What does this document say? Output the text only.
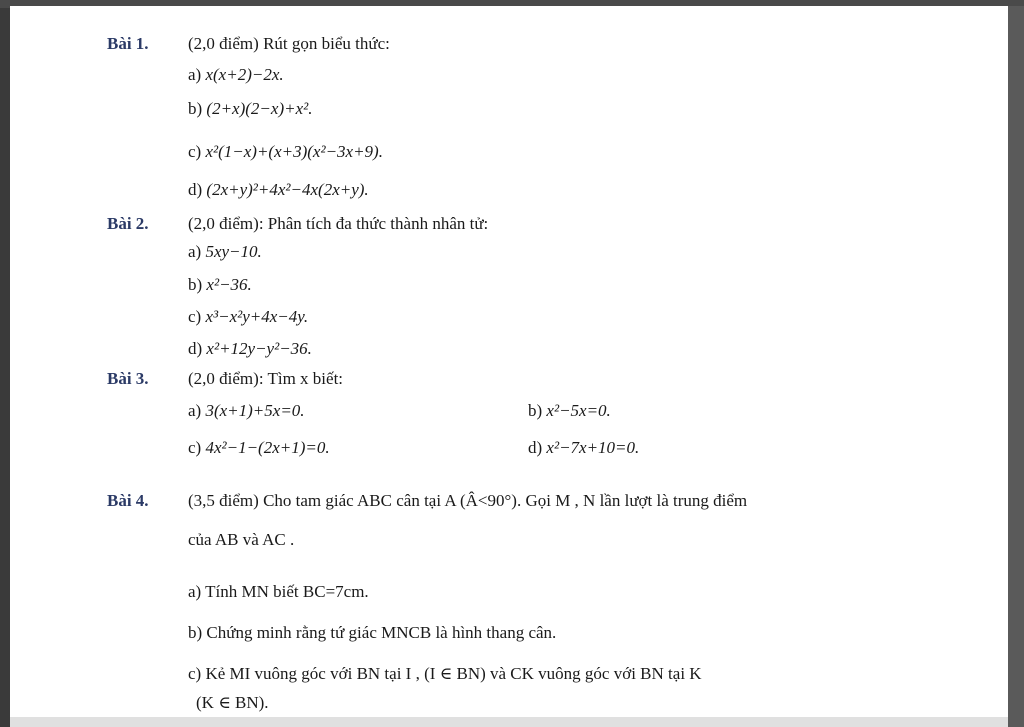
Bài 1. (2,0 điểm) Rút gọn biểu thức:
a) x(x+2)−2x.
b) (2+x)(2−x)+x².
c) x²(1−x)+(x+3)(x²−3x+9).
d) (2x+y)²+4x²−4x(2x+y).
Bài 2. (2,0 điểm): Phân tích đa thức thành nhân tử:
a) 5xy−10.
b) x²−36.
c) x³−x²y+4x−4y.
d) x²+12y−y²−36.
Bài 3. (2,0 điểm): Tìm x biết:
a) 3(x+1)+5x=0.	b) x²−5x=0.
c) 4x²−1−(2x+1)=0.	d) x²−7x+10=0.
Bài 4. (3,5 điểm) Cho tam giác ABC cân tại A (Â<90°). Gọi M , N lần lượt là trung điểm
của AB và AC .
a) Tính MN biết BC=7cm.
b) Chứng minh rằng tứ giác MNCB là hình thang cân.
c) Kẻ MI vuông góc với BN tại I , (I ∈ BN) và CK vuông góc với BN tại K
(K ∈ BN).
